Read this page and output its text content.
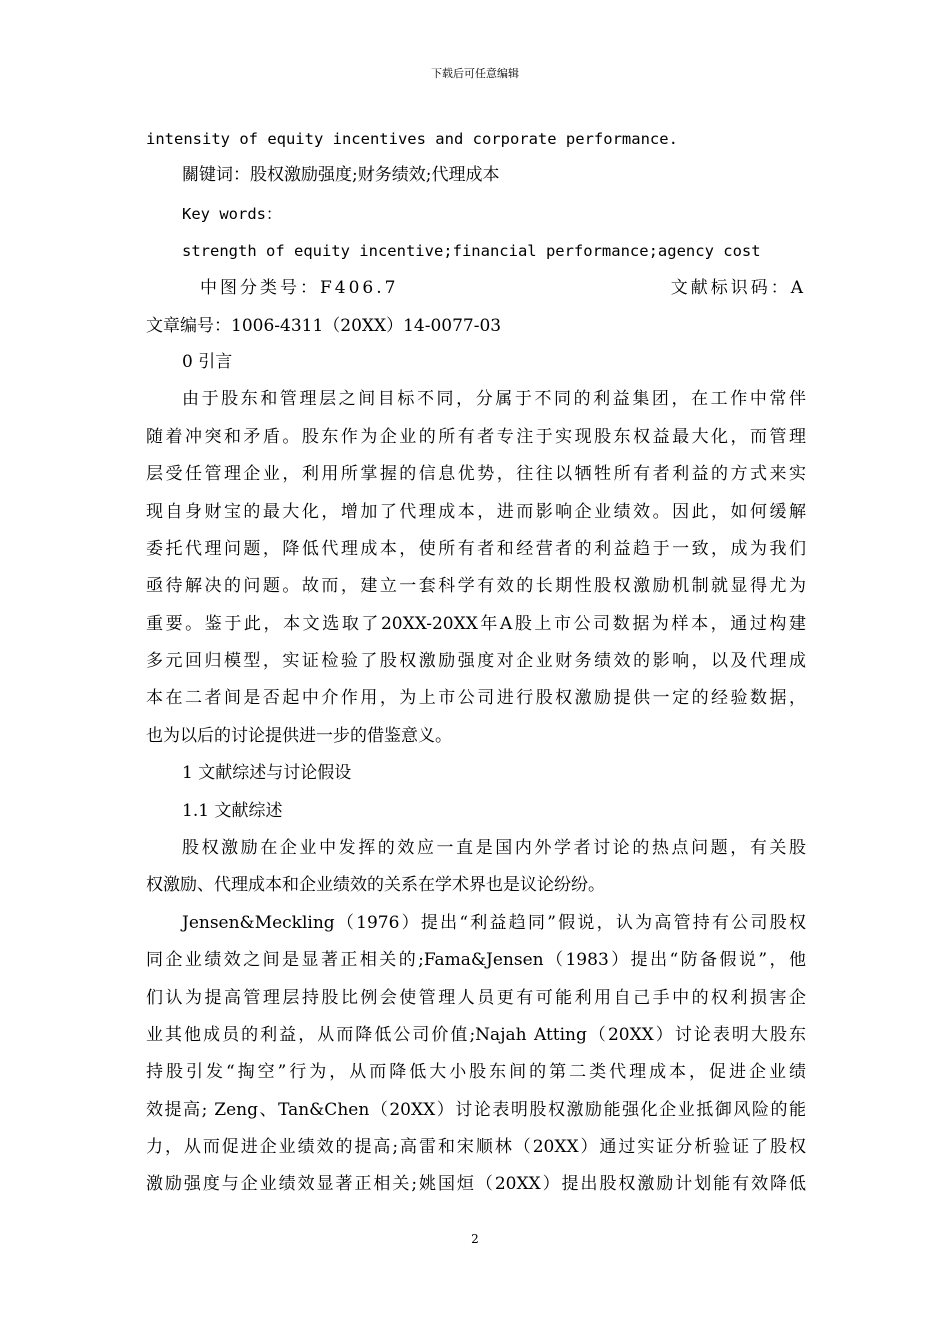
下载后可任意编辑
intensity of equity incentives and corporate performance.
關键词：股权激励强度;财务绩效;代理成本
Key words：
strength of equity incentive;financial performance;agency cost
中图分类号：F406.7	文献标识码：A
文章编号：1006-4311（20XX）14-0077-03
0 引言
由于股东和管理层之间目标不同，分属于不同的利益集团，在工作中常伴
随着冲突和矛盾。股东作为企业的所有者专注于实现股东权益最大化，而管理
层受任管理企业，利用所掌握的信息优势，往往以牺牲所有者利益的方式来实
现自身财宝的最大化，增加了代理成本，进而影响企业绩效。因此，如何缓解
委托代理问题，降低代理成本，使所有者和经营者的利益趋于一致，成为我们
亟待解决的问题。故而，建立一套科学有效的长期性股权激励机制就显得尤为
重要。鉴于此，本文选取了20XX-20XX年A股上市公司数据为样本，通过构建
多元回归模型，实证检验了股权激励强度对企业财务绩效的影响，以及代理成
本在二者间是否起中介作用，为上市公司进行股权激励提供一定的经验数据，
也为以后的讨论提供进一步的借鉴意义。
1 文献综述与讨论假设
1.1 文献综述
股权激励在企业中发挥的效应一直是国内外学者讨论的热点问题，有关股
权激励、代理成本和企业绩效的关系在学术界也是议论纷纷。
Jensen&Meckling（1976）提出“利益趋同”假说，认为高管持有公司股权
同企业绩效之间是显著正相关的;Fama&Jensen（1983）提出“防备假说”，他
们认为提高管理层持股比例会使管理人员更有可能利用自己手中的权利损害企
业其他成员的利益，从而降低公司价值;Najah Atting（20XX）讨论表明大股东
持股引发“掏空”行为，从而降低大小股东间的第二类代理成本，促进企业绩
效提高; Zeng、Tan&Chen（20XX）讨论表明股权激励能强化企业抵御风险的能
力，从而促进企业绩效的提高;高雷和宋顺林（20XX）通过实证分析验证了股权
激励强度与企业绩效显著正相关;姚国烜（20XX）提出股权激励计划能有效降低
2
